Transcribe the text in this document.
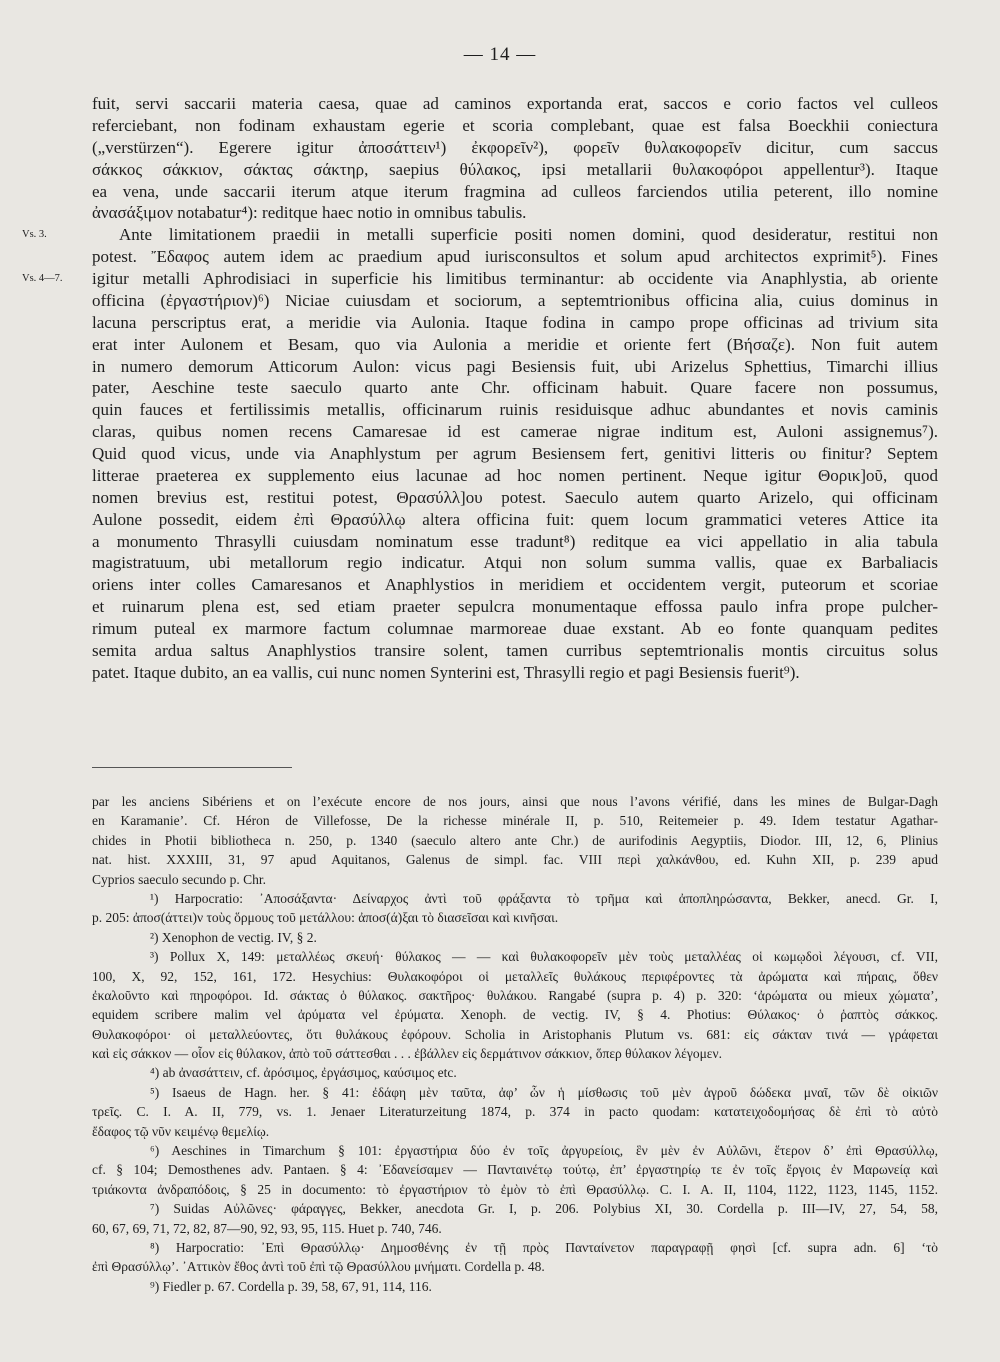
— 14 —
fuit, servi saccarii materia caesa, quae ad caminos exportanda erat, saccos e corio factos vel culleos
referciebant, non fodinam exhaustam egerie et scoria complebant, quae est falsa Boeckhii coniectura
(„verstürzen“). Egerere igitur ἀποσάττειν¹) ἐκφορεῖν²), φορεῖν θυλακοφορεῖν dicitur, cum saccus
σάκκος σάκκιον, σάκτας σάκτηρ, saepius θύλακος, ipsi metallarii θυλακοφόροι appellentur³). Itaque
ea vena, unde saccarii iterum atque iterum fragmina ad culleos farciendos utilia peterent, illo nomine
ἀνασάξιμον notabatur⁴): reditque haec notio in omnibus tabulis.
Vs. 3.	Ante limitationem praedii in metalli superficie positi nomen domini, quod desideratur, restitui non
potest. Ἔδαφος autem idem ac praedium apud iurisconsultos et solum apud architectos exprimit⁵). Fines
Vs. 4—7. igitur metalli Aphrodisiaci in superficie his limitibus terminantur: ab occidente via Anaphlystia, ab oriente
officina (ἐργαστήριον)⁶) Niciae cuiusdam et sociorum, a septemtrionibus officina alia, cuius dominus in
lacuna perscriptus erat, a meridie via Aulonia. Itaque fodina in campo prope officinas ad trivium sita
erat inter Aulonem et Besam, quo via Aulonia a meridie et oriente fert (Βήσαζε). Non fuit autem
in numero demorum Atticorum Aulon: vicus pagi Besiensis fuit, ubi Arizelus Sphettius, Timarchi illius
pater, Aeschine teste saeculo quarto ante Chr. officinam habuit. Quare facere non possumus,
quin fauces et fertilissimis metallis, officinarum ruinis residuisque adhuc abundantes et novis caminis
claras, quibus nomen recens Camaresae id est camerae nigrae inditum est, Auloni assignemus⁷).
Quid quod vicus, unde via Anaphlystum per agrum Besiensem fert, genitivi litteris ου finitur? Septem
litterae praeterea ex supplemento eius lacunae ad hoc nomen pertinent. Neque igitur Θορικ]οῦ, quod
nomen brevius est, restitui potest, Θρασύλλ]ου potest. Saeculo autem quarto Arizelo, qui officinam
Aulone possedit, eidem ἐπὶ Θρασύλλῳ altera officina fuit: quem locum grammatici veteres Attice ita
a monumento Thrasylli cuiusdam nominatum esse tradunt⁸) reditque ea vici appellatio in alia tabula
magistratuum, ubi metallorum regio indicatur. Atqui non solum summa vallis, quae ex Barbaliacis
oriens inter colles Camaresanos et Anaphlystios in meridiem et occidentem vergit, puteorum et scoriae
et ruinarum plena est, sed etiam praeter sepulcra monumentaque effossa paulo infra prope pulcher-
rimum puteal ex marmore factum columnae marmoreae duae exstant. Ab eo fonte quanquam pedites
semita ardua saltus Anaphlystios transire solent, tamen curribus septemtrionalis montis circuitus solus
patet. Itaque dubito, an ea vallis, cui nunc nomen Synterini est, Thrasylli regio et pagi Besiensis fuerit⁹).
par les anciens Sibériens et on l’exécute encore de nos jours, ainsi que nous l’avons vérifié, dans les mines de Bulgar-Dagh
en Karamanie’. Cf. Héron de Villefosse, De la richesse minérale II, p. 510, Reitemeier p. 49. Idem testatur Agathar-
chides in Photii bibliotheca n. 250, p. 1340 (saeculo altero ante Chr.) de aurifodinis Aegyptiis, Diodor. III, 12, 6, Plinius
nat. hist. XXXIII, 31, 97 apud Aquitanos, Galenus de simpl. fac. VIII περὶ χαλκάνθου, ed. Kuhn XII, p. 239 apud
Cyprios saeculo secundo p. Chr.
¹) Harpocratio: ᾿Αποσάξαντα· Δείναρχος ἀντὶ τοῦ φράξαντα τὸ τρῆμα καὶ ἀποπληρώσαντα, Bekker, anecd. Gr. I,
p. 205: ἀποσ(άττει)ν τοὺς ὅρμους τοῦ μετάλλου: ἀποσ(ά)ξαι τὸ διασεῖσαι καὶ κινῆσαι.
²) Xenophon de vectig. IV, § 2.
³) Pollux X, 149: μεταλλέως σκευή· θύλακος — — καὶ θυλακοφορεῖν μὲν τοὺς μεταλλέας οἱ κωμῳδοὶ λέγουσι, cf. VII,
100, X, 92, 152, 161, 172. Hesychius: Θυλακοφόροι οἱ μεταλλεῖς θυλάκους περιφέροντες τὰ ἀρώματα καὶ πήραις, ὅθεν
ἐκαλοῦντο καὶ πηροφόροι. Id. σάκτας ὁ θύλακος. σακτῆρος· θυλάκου. Rangabé (supra p. 4) p. 320: ‘ἀρώματα ou mieux χώματα’,
equidem scribere malim vel ἀρύματα vel ἐρύματα. Xenoph. de vectig. IV, § 4. Photius: Θύλακος· ὁ ῥαπτὸς σάκκος.
Θυλακοφόροι· οἱ μεταλλεύοντες, ὅτι θυλάκους ἐφόρουν. Scholia in Aristophanis Plutum vs. 681: εἰς σάκταν τινά — γράφεται
καὶ εἰς σάκκον — οἷον εἰς θύλακον, ἀπὸ τοῦ σάττεσθαι . . . ἐβάλλεν εἰς δερμάτινον σάκκιον, ὅπερ θύλακον λέγομεν.
⁴) ab ἀνασάττειν, cf. ἀρόσιμος, ἐργάσιμος, καύσιμος etc.
⁵) Isaeus de Hagn. her. § 41: ἐδάφη μὲν ταῦτα, ἀφ’ ὧν ἡ μίσθωσις τοῦ μὲν ἀγροῦ δώδεκα μναῖ, τῶν δὲ οἰκιῶν
τρεῖς. C. I. A. II, 779, vs. 1. Jenaer Literaturzeitung 1874, p. 374 in pacto quodam: κατατειχοδομήσας δὲ ἐπὶ τὸ αὐτὸ
ἔδαφος τῷ νῦν κειμένῳ θεμελίῳ.
⁶) Aeschines in Timarchum § 101: ἐργαστήρια δύο ἐν τοῖς ἀργυρείοις, ἓν μὲν ἐν Αὐλῶνι, ἕτερον δ’ ἐπὶ Θρασύλλῳ,
cf. § 104; Demosthenes adv. Pantaen. § 4: ᾿Εδανείσαμεν — Πανταινέτῳ τούτῳ, ἐπ’ ἐργαστηρίῳ τε ἐν τοῖς ἔργοις ἐν Μαρωνείᾳ καὶ
τριάκοντα ἀνδραπόδοις, § 25 in documento: τὸ ἐργαστήριον τὸ ἐμὸν τὸ ἐπὶ Θρασύλλῳ. C. I. A. II, 1104, 1122, 1123, 1145, 1152.
⁷) Suidas Αὐλῶνες· φάραγγες, Bekker, anecdota Gr. I, p. 206. Polybius XI, 30. Cordella p. III—IV, 27, 54, 58,
60, 67, 69, 71, 72, 82, 87—90, 92, 93, 95, 115. Huet p. 740, 746.
⁸) Harpocratio: ᾿Επὶ Θρασύλλῳ· Δημοσθένης ἐν τῇ πρὸς Πανταίνετον παραγραφῇ φησὶ [cf. supra adn. 6] ‘τὸ
ἐπὶ Θρασύλλῳ’. ᾿Αττικὸν ἔθος ἀντὶ τοῦ ἐπὶ τῷ Θρασύλλου μνήματι. Cordella p. 48.
⁹) Fiedler p. 67. Cordella p. 39, 58, 67, 91, 114, 116.
